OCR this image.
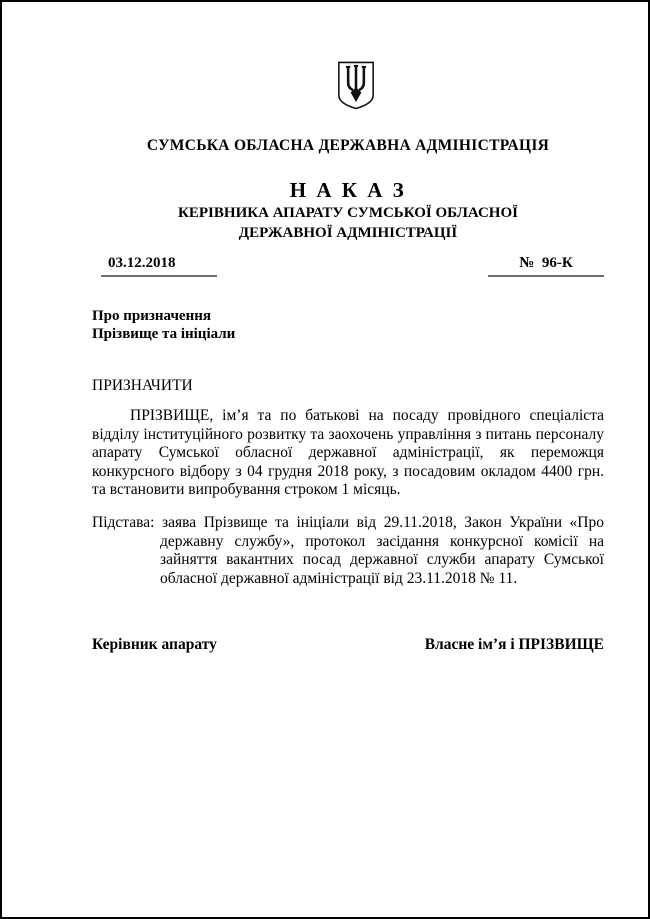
СУМСЬКА ОБЛАСНА ДЕРЖАВНА АДМІНІСТРАЦІЯ
Н А К А З
КЕРІВНИКА АПАРАТУ СУМСЬКОЇ ОБЛАСНОЇ
ДЕРЖАВНОЇ АДМІНІСТРАЦІЇ
03.12.2018	№  96-К
Про призначення
Прізвище та ініціали
ПРИЗНАЧИТИ
ПРІЗВИЩЕ, ім’я та по батькові на посаду провідного спеціаліста відділу інституційного розвитку та заохочень управління з питань персоналу апарату Сумської обласної державної адміністрації, як переможця конкурсного відбору з 04 грудня 2018 року, з посадовим окладом 4400 грн. та встановити випробування строком 1 місяць.
Підстава: заява Прізвище та ініціали від 29.11.2018, Закон України «Про державну службу», протокол засідання конкурсної комісії на зайняття вакантних посад державної служби апарату Сумської обласної державної адміністрації від 23.11.2018 № 11.
Керівник апарату	Власне ім’я і ПРІЗВИЩЕ
